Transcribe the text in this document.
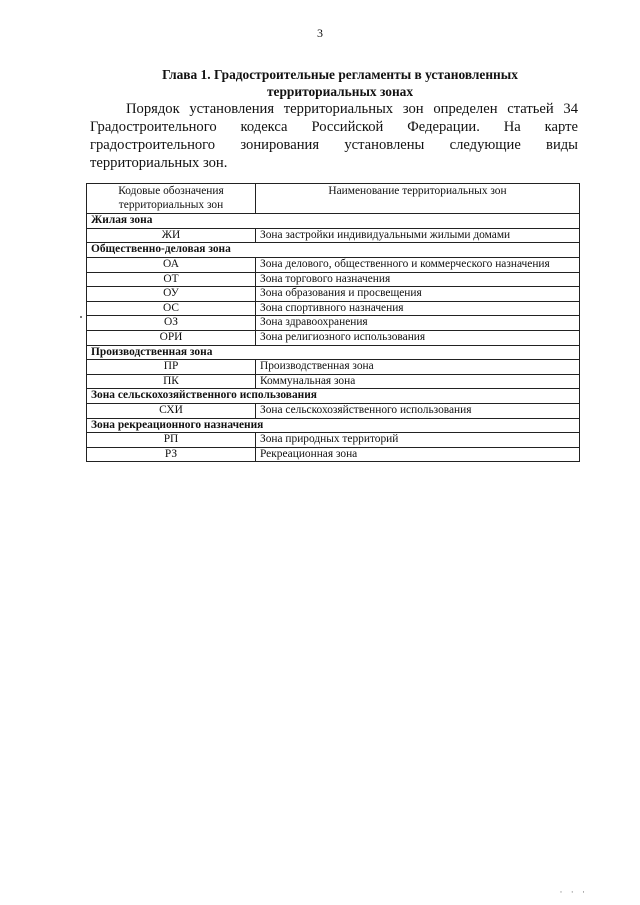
3
Глава 1. Градостроительные регламенты в установленных
территориальных зонах
Порядок установления территориальных зон определен статьей 34
Градостроительного кодекса Российской Федерации. На карте
градостроительного зонирования установлены следующие виды
территориальных зон.
Кодовые обозначения территориальных зон	Наименование территориальных зон
Жилая зона	
ЖИ	Зона застройки индивидуальными жилыми домами
Общественно-деловая зона	
ОА	Зона делового, общественного и коммерческого назначения
ОТ	Зона торгового назначения
ОУ	Зона образования и просвещения
ОС	Зона спортивного назначения
ОЗ	Зона здравоохранения
ОРИ	Зона религиозного использования
Производственная зона	
ПР	Производственная зона
ПК	Коммунальная зона
Зона сельскохозяйственного использования	
СХИ	Зона сельскохозяйственного использования
Зона рекреационного назначения	
РП	Зона природных территорий
РЗ	Рекреационная зона
· · ·
